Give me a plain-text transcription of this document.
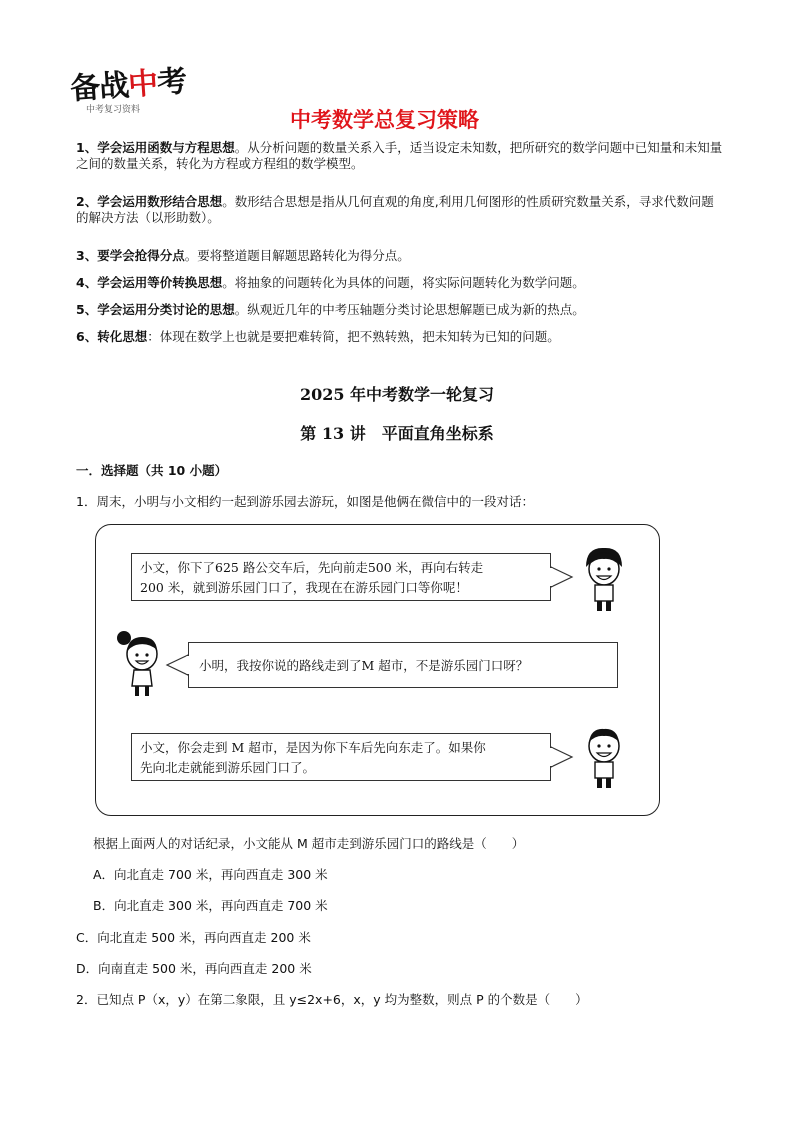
备战中考
中考复习资料	中考数学总复习策略
1、学会运用函数与方程思想。从分析问题的数量关系入手，适当设定未知数，把所研究的数学问题中已知量和未知量之间的数量关系，转化为方程或方程组的数学模型。
2、学会运用数形结合思想。数形结合思想是指从几何直观的角度,利用几何图形的性质研究数量关系，寻求代数问题的解决方法（以形助数）。
3、要学会抢得分点。要将整道题目解题思路转化为得分点。
4、学会运用等价转换思想。将抽象的问题转化为具体的问题，将实际问题转化为数学问题。
5、学会运用分类讨论的思想。纵观近几年的中考压轴题分类讨论思想解题已成为新的热点。
6、转化思想：体现在数学上也就是要把难转简，把不熟转熟，把未知转为已知的问题。
2025 年中考数学一轮复习
第 13 讲　平面直角坐标系
一．选择题（共 10 小题）
1．周末，小明与小文相约一起到游乐园去游玩，如图是他俩在微信中的一段对话：
小文，你下了625 路公交车后，先向前走500 米，再向右转走
200 米，就到游乐园门口了，我现在在游乐园门口等你呢！
小明，我按你说的路线走到了M 超市，不是游乐园门口呀？
小文，你会走到 M 超市，是因为你下车后先向东走了。如果你
先向北走就能到游乐园门口了。
根据上面两人的对话纪录，小文能从 M 超市走到游乐园门口的路线是（　　）
A．向北直走 700 米，再向西直走 300 米
B．向北直走 300 米，再向西直走 700 米
C．向北直走 500 米，再向西直走 200 米
D．向南直走 500 米，再向西直走 200 米
2．已知点 P（x，y）在第二象限，且 y≤2x+6，x，y 均为整数，则点 P 的个数是（　　）
